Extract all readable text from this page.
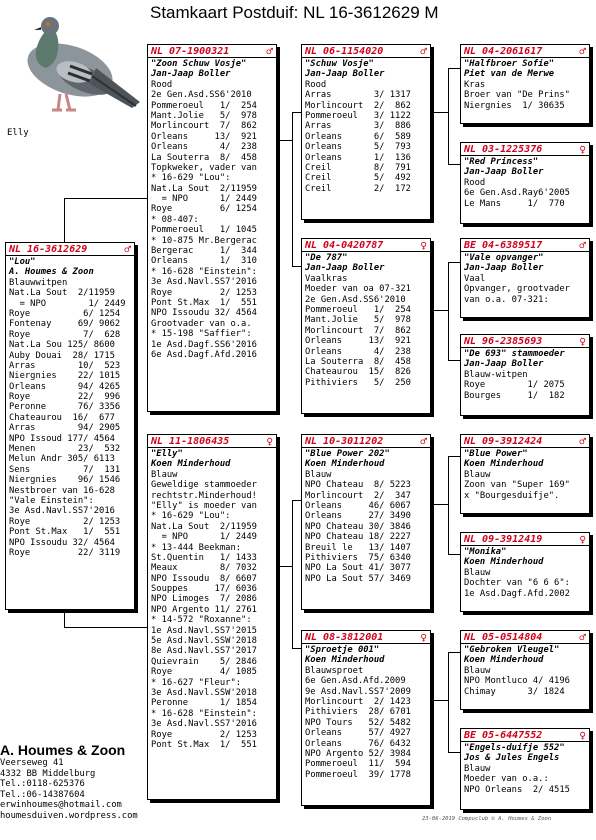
Stamkaart Postduif: NL 16-3612629 M
Elly
NL 16-3612629	♂
"Lou"
A. Houmes & Zoon
Blauwwitpen
Nat.La Sout  2/11959
= NPO        1/ 2449
Roye          6/ 1254
Fontenay     69/ 9062
Roye          7/  628
Nat.La Sou 125/ 8600
Auby Douai  28/ 1715
Arras        10/  523
Niergnies    22/ 1015
Orleans      94/ 4265
Roye         22/  996
Peronne      76/ 3356
Chateaurou  16/  677
Arras        94/ 2905
NPO Issoud 177/ 4564
Menen        23/  532
Melun Andr 305/ 6113
Sens          7/  131
Niergnies    96/ 1546
Nestbroer van 16-628
"Vale Einstein":
3e Asd.Navl.SS7'2016
Roye          2/ 1253
Pont St.Max   1/  551
NPO Issoudu 32/ 4564
Roye         22/ 3119
NL 07-1900321	♂
"Zoon Schuw Vosje"
Jan-Jaap Boller
Rood
2e Gen.Asd.SS6'2010
Pommeroeul   1/  254
Mant.Jolie   5/  978
Morlincourt  7/  862
Orleans     13/  921
Orleans      4/  238
La Souterra  8/  458
Topkweker, vader van
* 16-629 "Lou":
Nat.La Sout  2/11959
= NPO      1/ 2449
Roye         6/ 1254
* 08-407:
Pommeroeul   1/ 1045
* 10-875 Mr.Bergerac
Bergerac     1/  344
Orleans      1/  310
* 16-628 "Einstein":
3e Asd.Navl.SS7'2016
Roye         2/ 1253
Pont St.Max  1/  551
NPO Issoudu 32/ 4564
Grootvader van o.a.
* 15-198 "Saffier":
1e Asd.Dagf.SS6'2016
6e Asd.Dagf.Afd.2016
NL 11-1806435	♀
"Elly"
Koen Minderhoud
Blauw
Geweldige stammoeder
rechtstr.Minderhoud!
"Elly" is moeder van
* 16-629 "Lou":
Nat.La Sout  2/11959
= NPO      1/ 2449
* 13-444 Beekman:
St.Quentin   1/ 1433
Meaux        8/ 7032
NPO Issoudu  8/ 6607
Souppes     17/ 6036
NPO Limoges  7/ 2086
NPO Argento 11/ 2761
* 14-572 "Roxanne":
1e Asd.Navl.SS7'2015
5e Asd.Navl.SSW'2018
8e Asd.Navl.SS7'2017
Quievrain    5/ 2846
Roye         4/ 1085
* 16-627 "Fleur":
3e Asd.Navl.SSW'2018
Peronne      1/ 1854
* 16-628 "Einstein":
3e Asd.Navl.SS7'2016
Roye         2/ 1253
Pont St.Max  1/  551
NL 06-1154020	♂
"Schuw Vosje"
Jan-Jaap Boller
Rood
Arras        3/ 1317
Morlincourt  2/  862
Pommeroeul   3/ 1122
Arras        3/  886
Orleans      6/  589
Orleans      5/  793
Orleans      1/  136
Creil        8/  791
Creil        5/  492
Creil        2/  172
NL 04-0420787	♀
"De 787"
Jan-Jaap Boller
Vaalkras
Moeder van oa 07-321
2e Gen.Asd.SS6'2010
Pommeroeul   1/  254
Mant.Jolie   5/  978
Morlincourt  7/  862
Orleans     13/  921
Orleans      4/  238
La Souterra  8/  458
Chateaurou  15/  826
Pithiviers   5/  250
NL 10-3011202	♂
"Blue Power 202"
Koen Minderhoud
Blauw
NPO Chateau  8/ 5223
Morlincourt  2/  347
Orleans     46/ 6067
Orleans     27/ 3490
NPO Chateau 30/ 3846
NPO Chateau 18/ 2227
Breuil le   13/ 1407
Pithiviers  75/ 6340
NPO La Sout 41/ 3077
NPO La Sout 57/ 3469
NL 08-3812001	♀
"Sproetje 001"
Koen Minderhoud
Blauwsproet
6e Gen.Asd.Afd.2009
9e Asd.Navl.SS7'2009
Morlincourt  2/ 1423
Pithiviers  28/ 6701
NPO Tours   52/ 5482
Orleans     57/ 4927
Orleans     76/ 6432
NPO Argento 52/ 3984
Pommeroeul  11/  594
Pommeroeul  39/ 1778
NL 04-2061617	♂
"Halfbroer Sofie"
Piet van de Merwe
Kras
Broer van "De Prins"
Niergnies  1/ 30635
NL 03-1225376	♀
"Red Princess"
Jan-Jaap Boller
Rood
6e Gen.Asd.Ray6'2005
Le Mans     1/  770
BE 04-6389517	♂
"Vale opvanger"
Jan-Jaap Boller
Vaal
Opvanger, grootvader
van o.a. 07-321:
NL 96-2385693	♀
"De 693" stammoeder
Jan-Jaap Boller
Blauw-witpen
Roye        1/ 2075
Bourges     1/  182
NL 09-3912424	♂
"Blue Power"
Koen Minderhoud
Blauw
Zoon van "Super 169"
x "Bourgesduifje".
NL 09-3912419	♀
"Monika"
Koen Minderhoud
Blauw
Dochter van "6 6 6":
1e Asd.Dagf.Afd.2002
NL 05-0514804	♂
"Gebroken Vleugel"
Koen Minderhoud
Blauw
NPO Montluco 4/ 4196
Chimay      3/ 1824
BE 05-6447552	♀
"Engels-duifje 552"
Jos & Jules Engels
Blauw
Moeder van o.a.:
NPO Orleans  2/ 4515
A. Houmes & Zoon
Veerseweg 41
4332 BB Middelburg
Tel.:0118-625376
Tel.:06-14387604
erwinhoumes@hotmail.com
houmesduiven.wordpress.com	23-06-2019 Compuclub © A. Houmes & Zoon
